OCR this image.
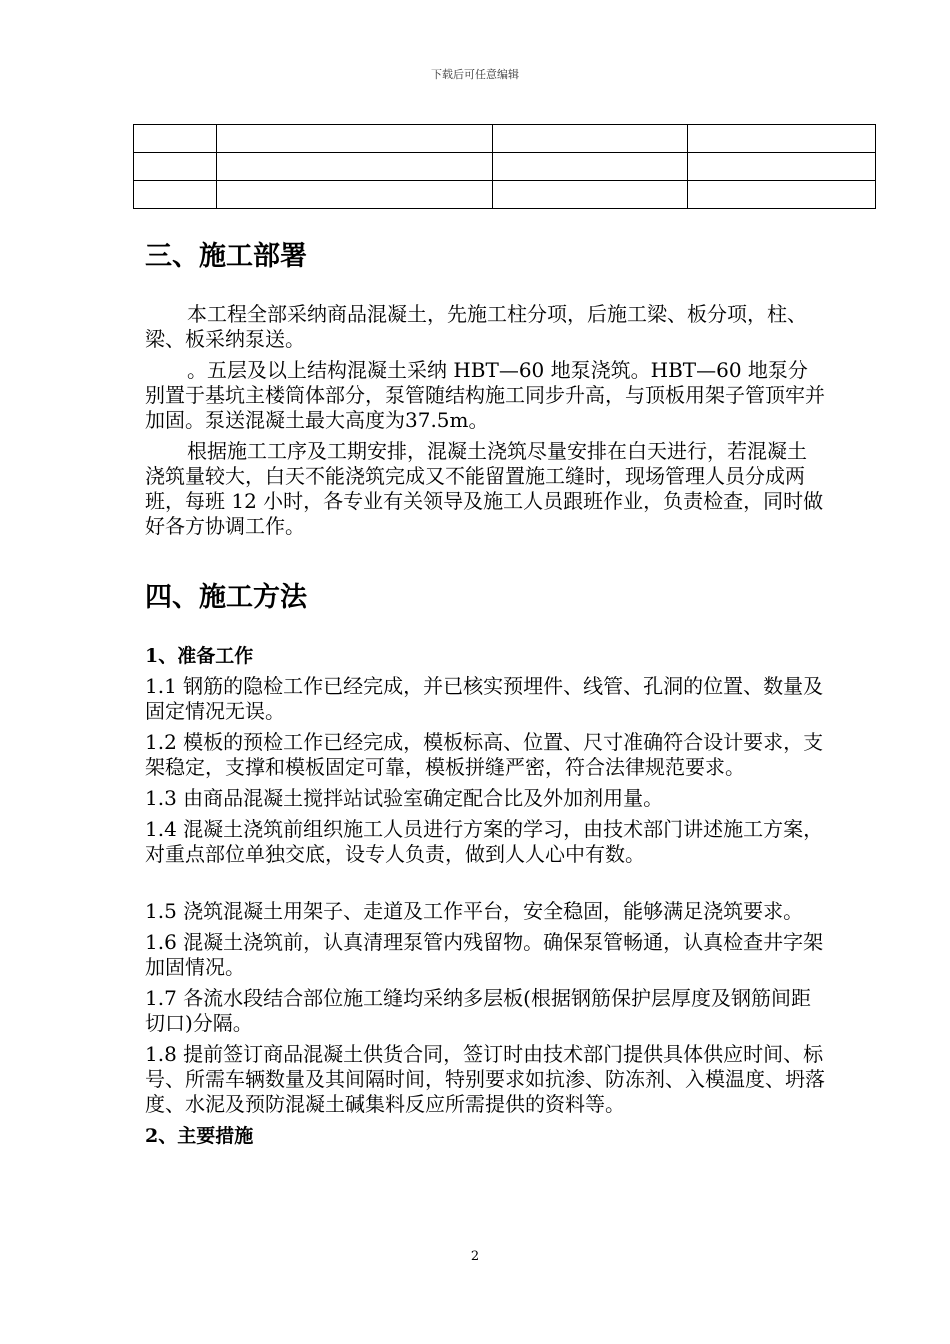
下载后可任意编辑

三、施工部署

本工程全部采纳商品混凝土，先施工柱分项，后施工梁、板分项，柱、梁、板采纳泵送。

。五层及以上结构混凝土采纳 HBT—60 地泵浇筑。HBT—60 地泵分别置于基坑主楼筒体部分，泵管随结构施工同步升高，与顶板用架子管顶牢并加固。泵送混凝土最大高度为37.5m。

根据施工工序及工期安排，混凝土浇筑尽量安排在白天进行，若混凝土浇筑量较大，白天不能浇筑完成又不能留置施工缝时，现场管理人员分成两班，每班 12 小时，各专业有关领导及施工人员跟班作业，负责检查，同时做好各方协调工作。

四、施工方法

1、准备工作

1.1 钢筋的隐检工作已经完成，并已核实预埋件、线管、孔洞的位置、数量及固定情况无误。

1.2 模板的预检工作已经完成，模板标高、位置、尺寸准确符合设计要求，支架稳定，支撑和模板固定可靠，模板拼缝严密，符合法律规范要求。

1.3 由商品混凝土搅拌站试验室确定配合比及外加剂用量。

1.4 混凝土浇筑前组织施工人员进行方案的学习，由技术部门讲述施工方案，对重点部位单独交底，设专人负责，做到人人心中有数。

1.5 浇筑混凝土用架子、走道及工作平台，安全稳固，能够满足浇筑要求。

1.6 混凝土浇筑前，认真清理泵管内残留物。确保泵管畅通，认真检查井字架加固情况。

1.7 各流水段结合部位施工缝均采纳多层板(根据钢筋保护层厚度及钢筋间距切口)分隔。

1.8 提前签订商品混凝土供货合同，签订时由技术部门提供具体供应时间、标号、所需车辆数量及其间隔时间，特别要求如抗渗、防冻剂、入模温度、坍落度、水泥及预防混凝土碱集料反应所需提供的资料等。

2、主要措施

2
